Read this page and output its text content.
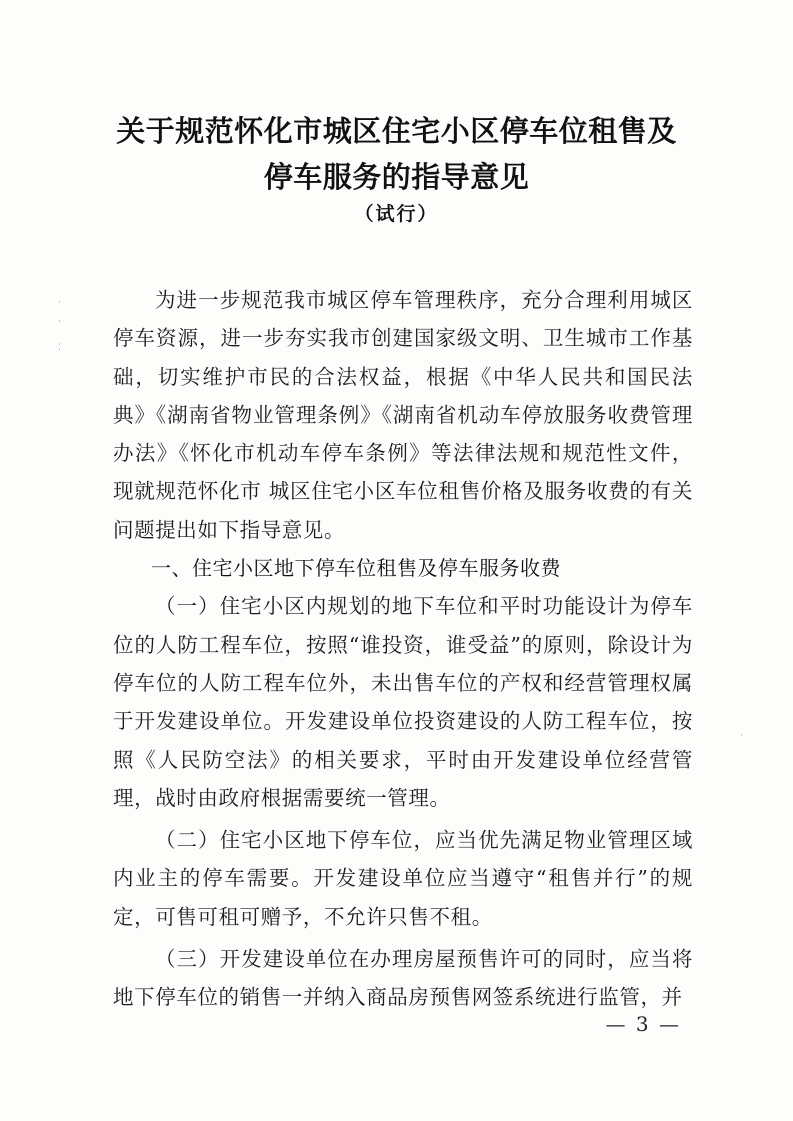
·
·
⁚
·
关于规范怀化市城区住宅小区停车位租售及
停车服务的指导意见
（试行）

为进一步规范我市城区停车管理秩序，充分合理利用城区停车资源，进一步夯实我市创建国家级文明、卫生城市工作基础，切实维护市民的合法权益，根据《中华人民共和国民法典》《湖南省物业管理条例》《湖南省机动车停放服务收费管理办法》《怀化市机动车停车条例》等法律法规和规范性文件，现就规范怀化市 城区住宅小区车位租售价格及服务收费的有关问题提出如下指导意见。

一、住宅小区地下停车位租售及停车服务收费

（一）住宅小区内规划的地下车位和平时功能设计为停车位的人防工程车位，按照“谁投资，谁受益”的原则，除设计为停车位的人防工程车位外，未出售车位的产权和经营管理权属于开发建设单位。开发建设单位投资建设的人防工程车位，按照《人民防空法》的相关要求，平时由开发建设单位经营管理，战时由政府根据需要统一管理。

（二）住宅小区地下停车位，应当优先满足物业管理区域内业主的停车需要。开发建设单位应当遵守“租售并行”的规定，可售可租可赠予，不允许只售不租。

（三）开发建设单位在办理房屋预售许可的同时，应当将地下停车位的销售一并纳入商品房预售网签系统进行监管，并

— 3 —
